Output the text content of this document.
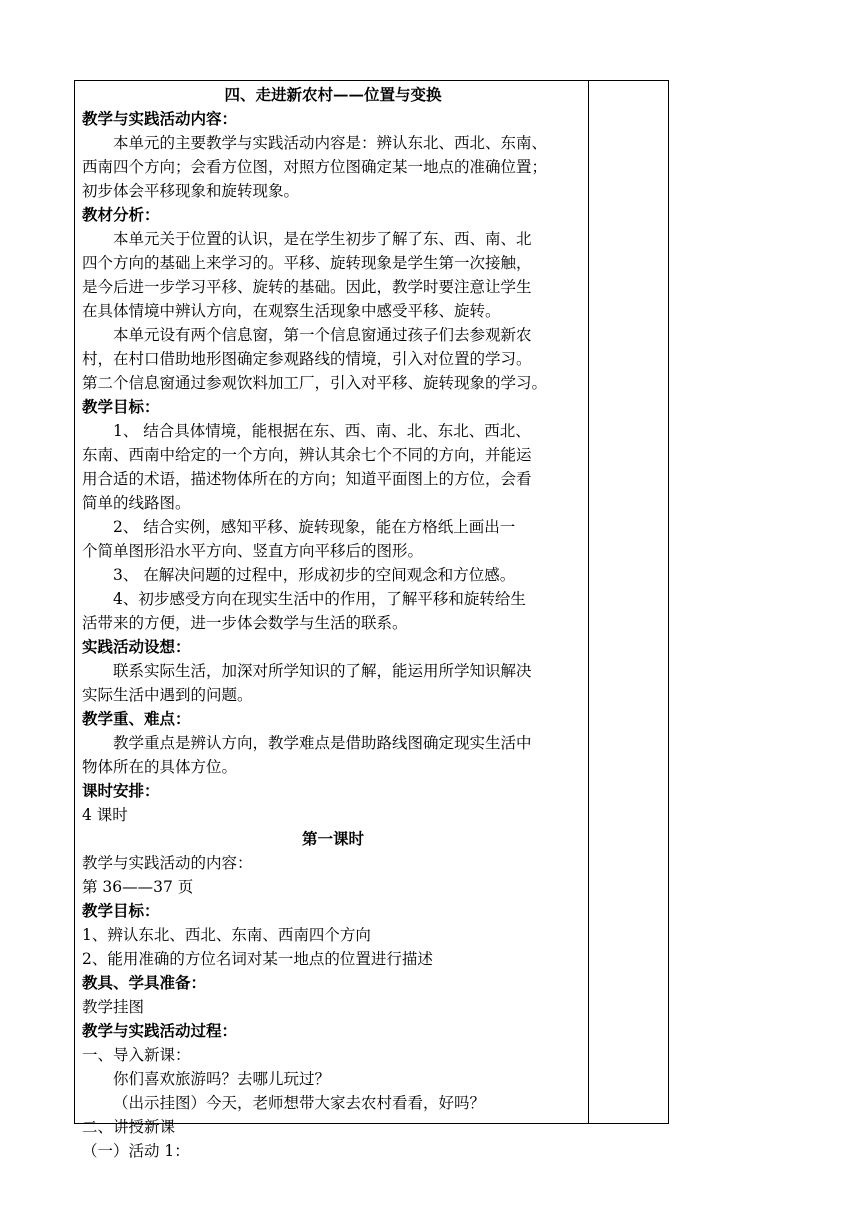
四、走进新农村——位置与变换

教学与实践活动内容：

本单元的主要教学与实践活动内容是：辨认东北、西北、东南、

西南四个方向；会看方位图，对照方位图确定某一地点的准确位置；

初步体会平移现象和旋转现象。

教材分析：

本单元关于位置的认识，是在学生初步了解了东、西、南、北

四个方向的基础上来学习的。平移、旋转现象是学生第一次接触，

是今后进一步学习平移、旋转的基础。因此，教学时要注意让学生

在具体情境中辨认方向，在观察生活现象中感受平移、旋转。

本单元设有两个信息窗，第一个信息窗通过孩子们去参观新农

村，在村口借助地形图确定参观路线的情境，引入对位置的学习。

第二个信息窗通过参观饮料加工厂，引入对平移、旋转现象的学习。

教学目标：

1、 结合具体情境，能根据在东、西、南、北、东北、西北、

东南、西南中给定的一个方向，辨认其余七个不同的方向，并能运

用合适的术语，描述物体所在的方向；知道平面图上的方位，会看

简单的线路图。

2、 结合实例，感知平移、旋转现象，能在方格纸上画出一

个简单图形沿水平方向、竖直方向平移后的图形。

3、 在解决问题的过程中，形成初步的空间观念和方位感。

4、初步感受方向在现实生活中的作用，了解平移和旋转给生

活带来的方便，进一步体会数学与生活的联系。

实践活动设想：

联系实际生活，加深对所学知识的了解，能运用所学知识解决

实际生活中遇到的问题。

教学重、难点：

教学重点是辨认方向，教学难点是借助路线图确定现实生活中

物体所在的具体方位。

课时安排：

4 课时

第一课时

教学与实践活动的内容：

第 36——37 页

教学目标：

1、辨认东北、西北、东南、西南四个方向

2、能用准确的方位名词对某一地点的位置进行描述

教具、学具准备：

教学挂图

教学与实践活动过程：

一、导入新课：

你们喜欢旅游吗？去哪儿玩过？

（出示挂图）今天，老师想带大家去农村看看，好吗？

二、讲授新课

（一）活动 1：
